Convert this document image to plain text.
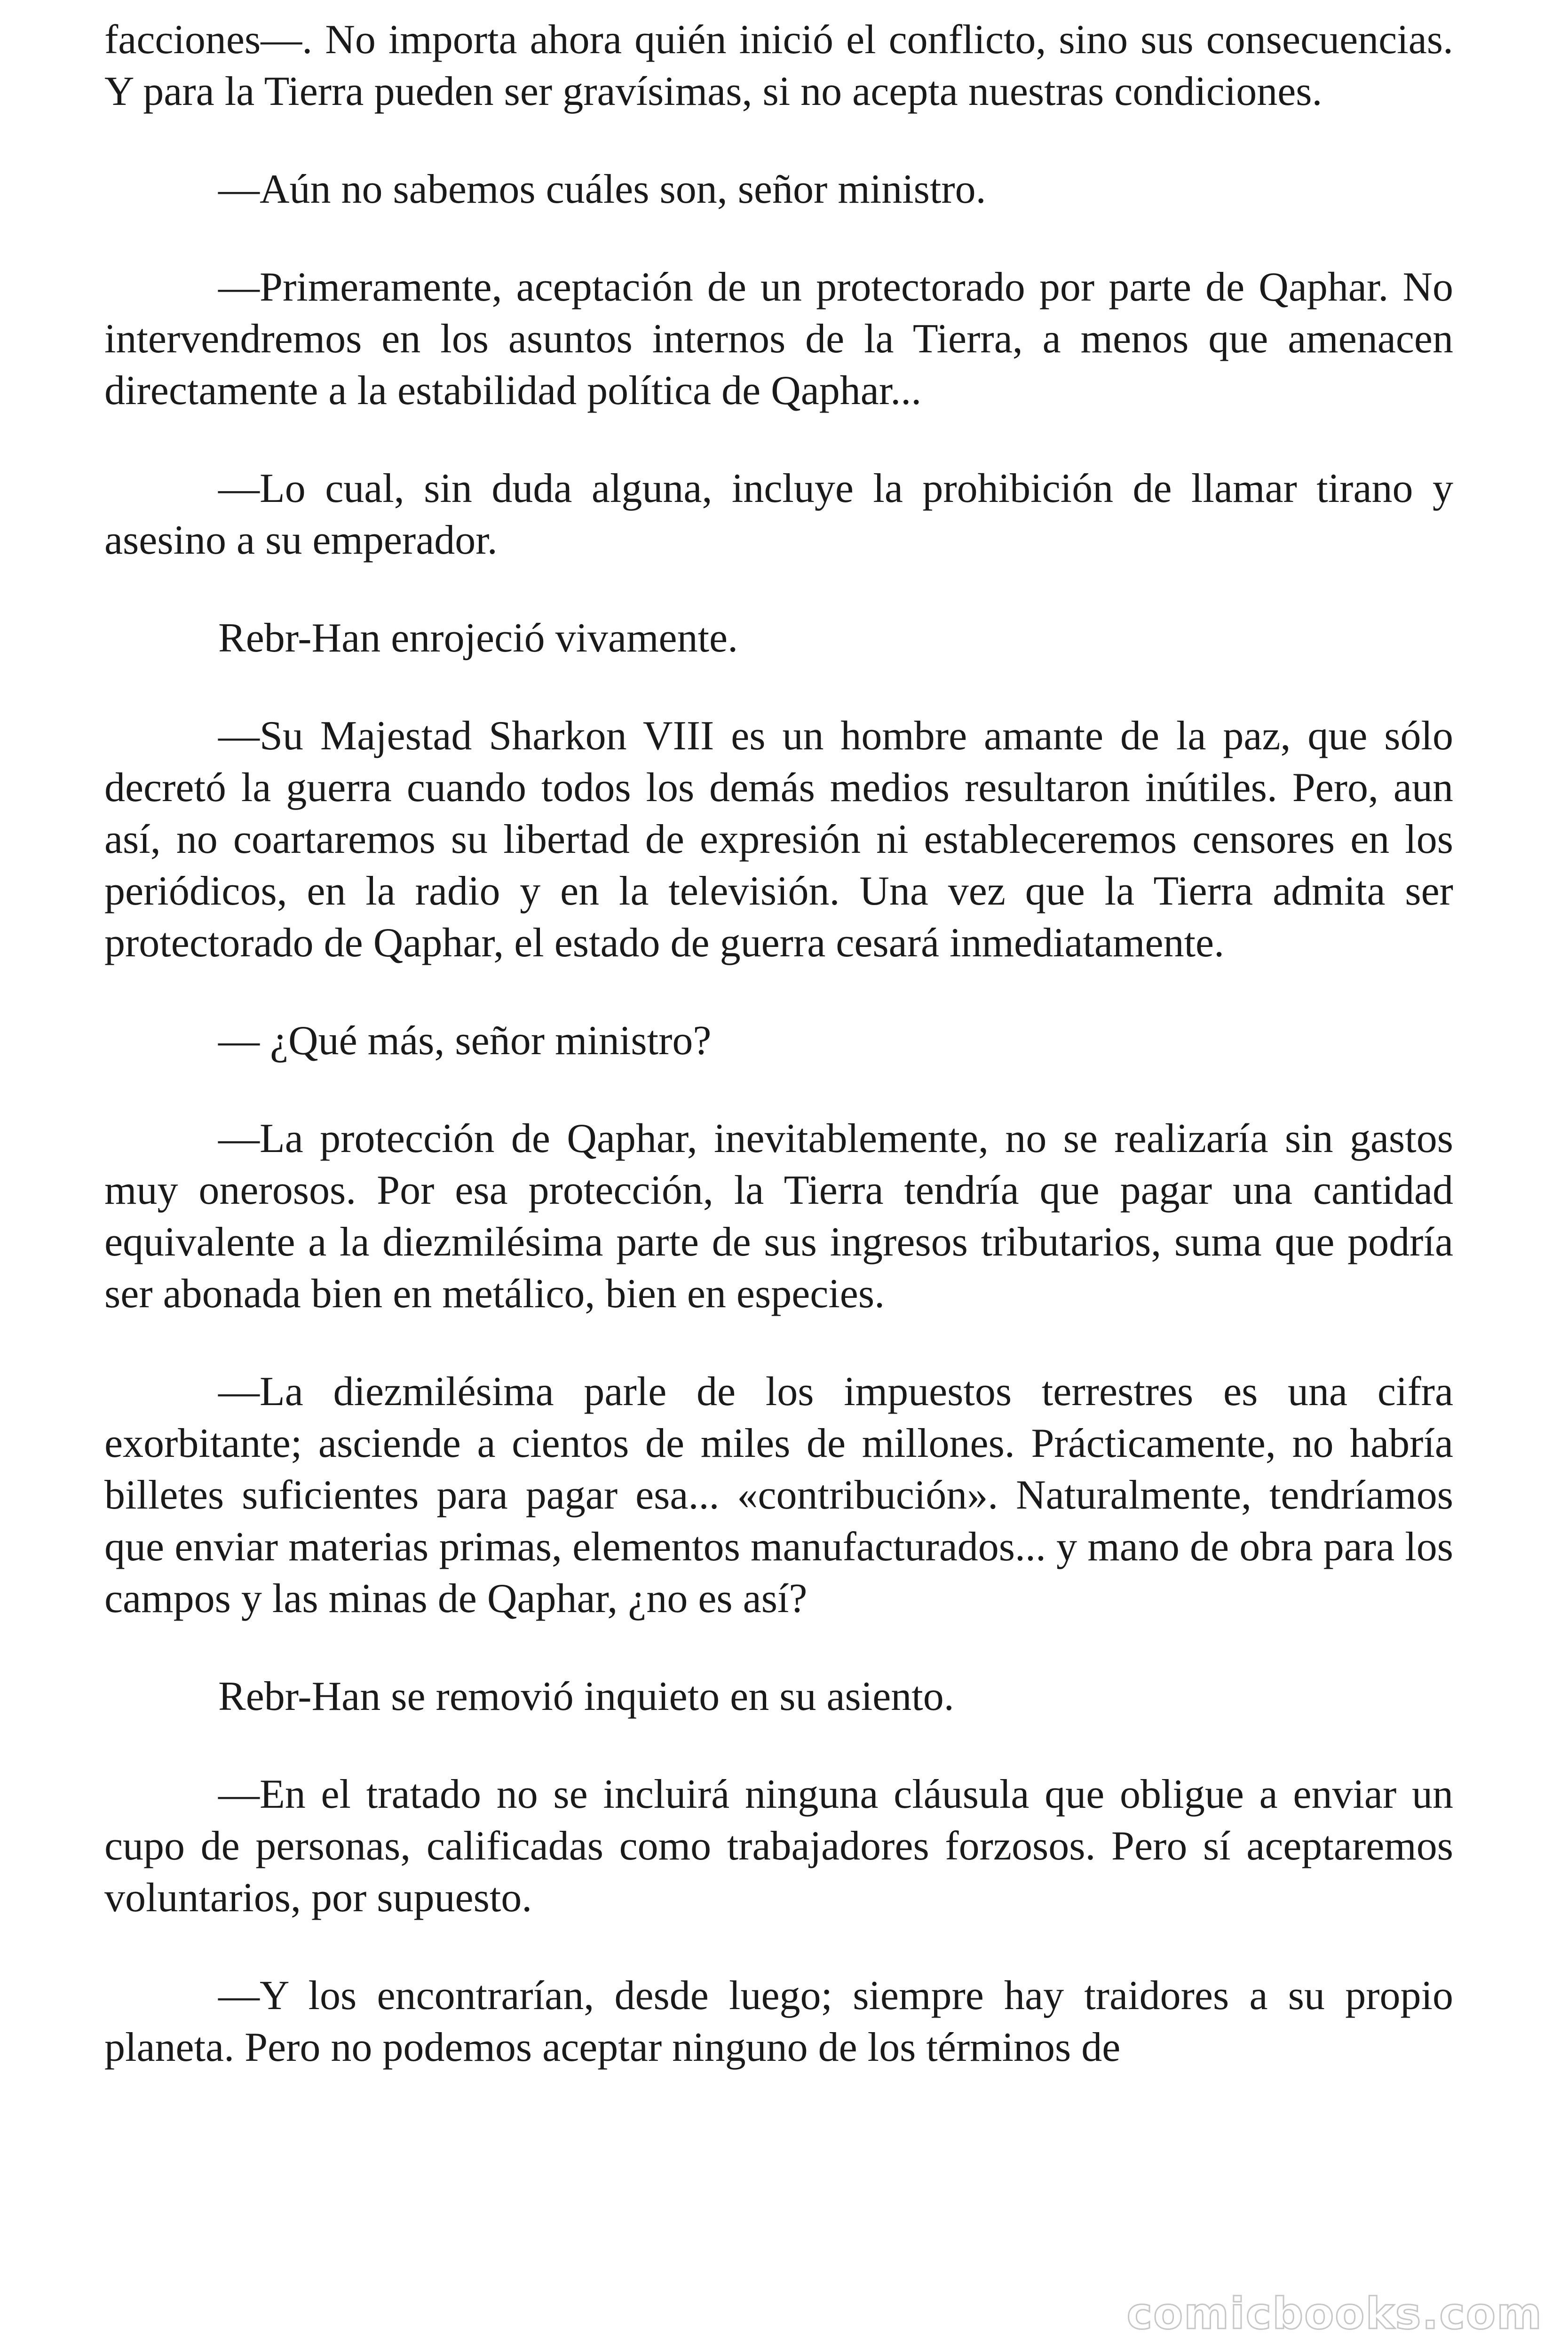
facciones—. No importa ahora quién inició el conflicto, sino sus consecuencias. Y para la Tierra pueden ser gravísimas, si no acepta nuestras condiciones.

—Aún no sabemos cuáles son, señor ministro.

—Primeramente, aceptación de un protectorado por parte de Qaphar. No intervendremos en los asuntos internos de la Tierra, a menos que amenacen directamente a la estabilidad política de Qaphar...

—Lo cual, sin duda alguna, incluye la prohibición de llamar tirano y asesino a su emperador.

Rebr-Han enrojeció vivamente.

—Su Majestad Sharkon VIII es un hombre amante de la paz, que sólo decretó la guerra cuando todos los demás medios resultaron inútiles. Pero, aun así, no coartaremos su libertad de expresión ni estableceremos censores en los periódicos, en la radio y en la televisión. Una vez que la Tierra admita ser protectorado de Qaphar, el estado de guerra cesará inmediatamente.

— ¿Qué más, señor ministro?

—La protección de Qaphar, inevitablemente, no se realizaría sin gastos muy onerosos. Por esa protección, la Tierra tendría que pagar una cantidad equivalente a la diezmilésima parte de sus ingresos tributarios, suma que podría ser abonada bien en metálico, bien en especies.

—La diezmilésima parle de los impuestos terrestres es una cifra exorbitante; asciende a cientos de miles de millones. Prácticamente, no habría billetes suficientes para pagar esa... «contribución». Naturalmente, tendríamos que enviar materias primas, elementos manufacturados... y mano de obra para los campos y las minas de Qaphar, ¿no es así?

Rebr-Han se removió inquieto en su asiento.

—En el tratado no se incluirá ninguna cláusula que obligue a enviar un cupo de personas, calificadas como trabajadores forzosos. Pero sí aceptaremos voluntarios, por supuesto.

—Y los encontrarían, desde luego; siempre hay traidores a su propio planeta. Pero no podemos aceptar ninguno de los términos de

comicbooks.com
